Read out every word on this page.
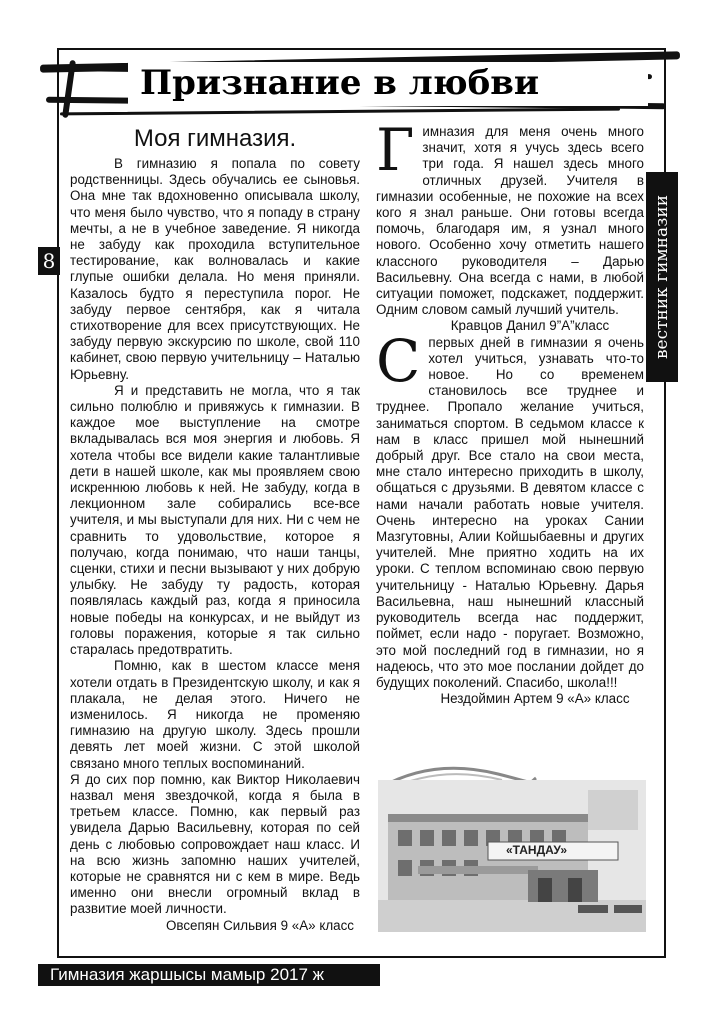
Признание в любви
8	вестник гимназии
Моя гимназия.

В гимназию я попала по совету родственницы. Здесь обучались ее сыновья. Она мне так вдохновенно описывала школу, что меня было чувство, что я попаду в страну мечты, а не в учебное заведение. Я никогда не забуду как проходила вступительное тестирование, как волновалась и какие глупые ошибки делала. Но меня приняли. Казалось будто я переступила порог. Не забуду первое сентября, как я читала стихотворение для всех присутствующих. Не забуду первую экскурсию по школе, свой 110 кабинет, свою первую учительницу – Наталью Юрьевну.

Я и представить не могла, что я так сильно полюблю и привяжусь к гимназии. В каждое мое выступление на смотре вкладывалась вся моя энергия и любовь. Я хотела чтобы все видели какие талантливые дети в нашей школе, как мы проявляем свою искреннюю любовь к ней. Не забуду, когда в лекционном зале собирались все-все учителя, и мы выступали для них. Ни с чем не сравнить то удовольствие, которое я получаю, когда понимаю, что наши танцы, сценки, стихи и песни вызывают у них добрую улыбку. Не забуду ту радость, которая появлялась каждый раз, когда я приносила новые победы на конкурсах, и не выйдут из головы поражения, которые я так сильно старалась предотвратить.

Помню, как в шестом классе меня хотели отдать в Президентскую школу, и как я плакала, не делая этого. Ничего не изменилось. Я никогда не променяю гимназию на другую школу. Здесь прошли девять лет моей жизни. С этой школой связано много теплых воспоминаний.

Я до сих пор помню, как Виктор Николаевич назвал меня звездочкой, когда я была в третьем классе. Помню, как первый раз увидела Дарью Васильевну, которая по сей день с любовью сопровождает наш класс. И на всю жизнь запомню наших учителей, которые не сравнятся ни с кем в мире. Ведь именно они внесли огромный вклад в развитие моей личности.

Овсепян Сильвия 9 «А» класс

Гимназия для меня очень много значит, хотя я учусь здесь всего три года. Я нашел здесь много отличных друзей. Учителя в гимназии особенные, не похожие на всех кого я знал раньше. Они готовы всегда помочь, благодаря им, я узнал много нового. Особенно хочу отметить нашего классного руководителя – Дарью Васильевну. Она всегда с нами, в любой ситуации поможет, подскажет, поддержит. Одним словом самый лучший учитель.

Кравцов Данил 9”А”класс

Спервых дней в гимназии я очень хотел учиться, узнавать что-то новое. Но со временем становилось все труднее и труднее. Пропало желание учиться, заниматься спортом. В седьмом классе к нам в класс пришел мой нынешний добрый друг. Все стало на свои места, мне стало интересно приходить в школу, общаться с друзьями. В девятом классе с нами начали работать новые учителя. Очень интересно на уроках Сании Мазгутовны, Алии Койшыбаевны и других учителей. Мне приятно ходить на их уроки. С теплом вспоминаю свою первую учительницу - Наталью Юрьевну. Дарья Васильевна, наш нынешний классный руководитель всегда нас поддержит, поймет, если надо - поругает. Возможно, это мой последний год в гимназии, но я надеюсь, что это мое послании дойдет до будущих поколений. Спасибо, школа!!!

Нездоймин Артем 9 «А» класс

«ТАНДАУ»
Гимназия жаршысы мамыр 2017 ж
